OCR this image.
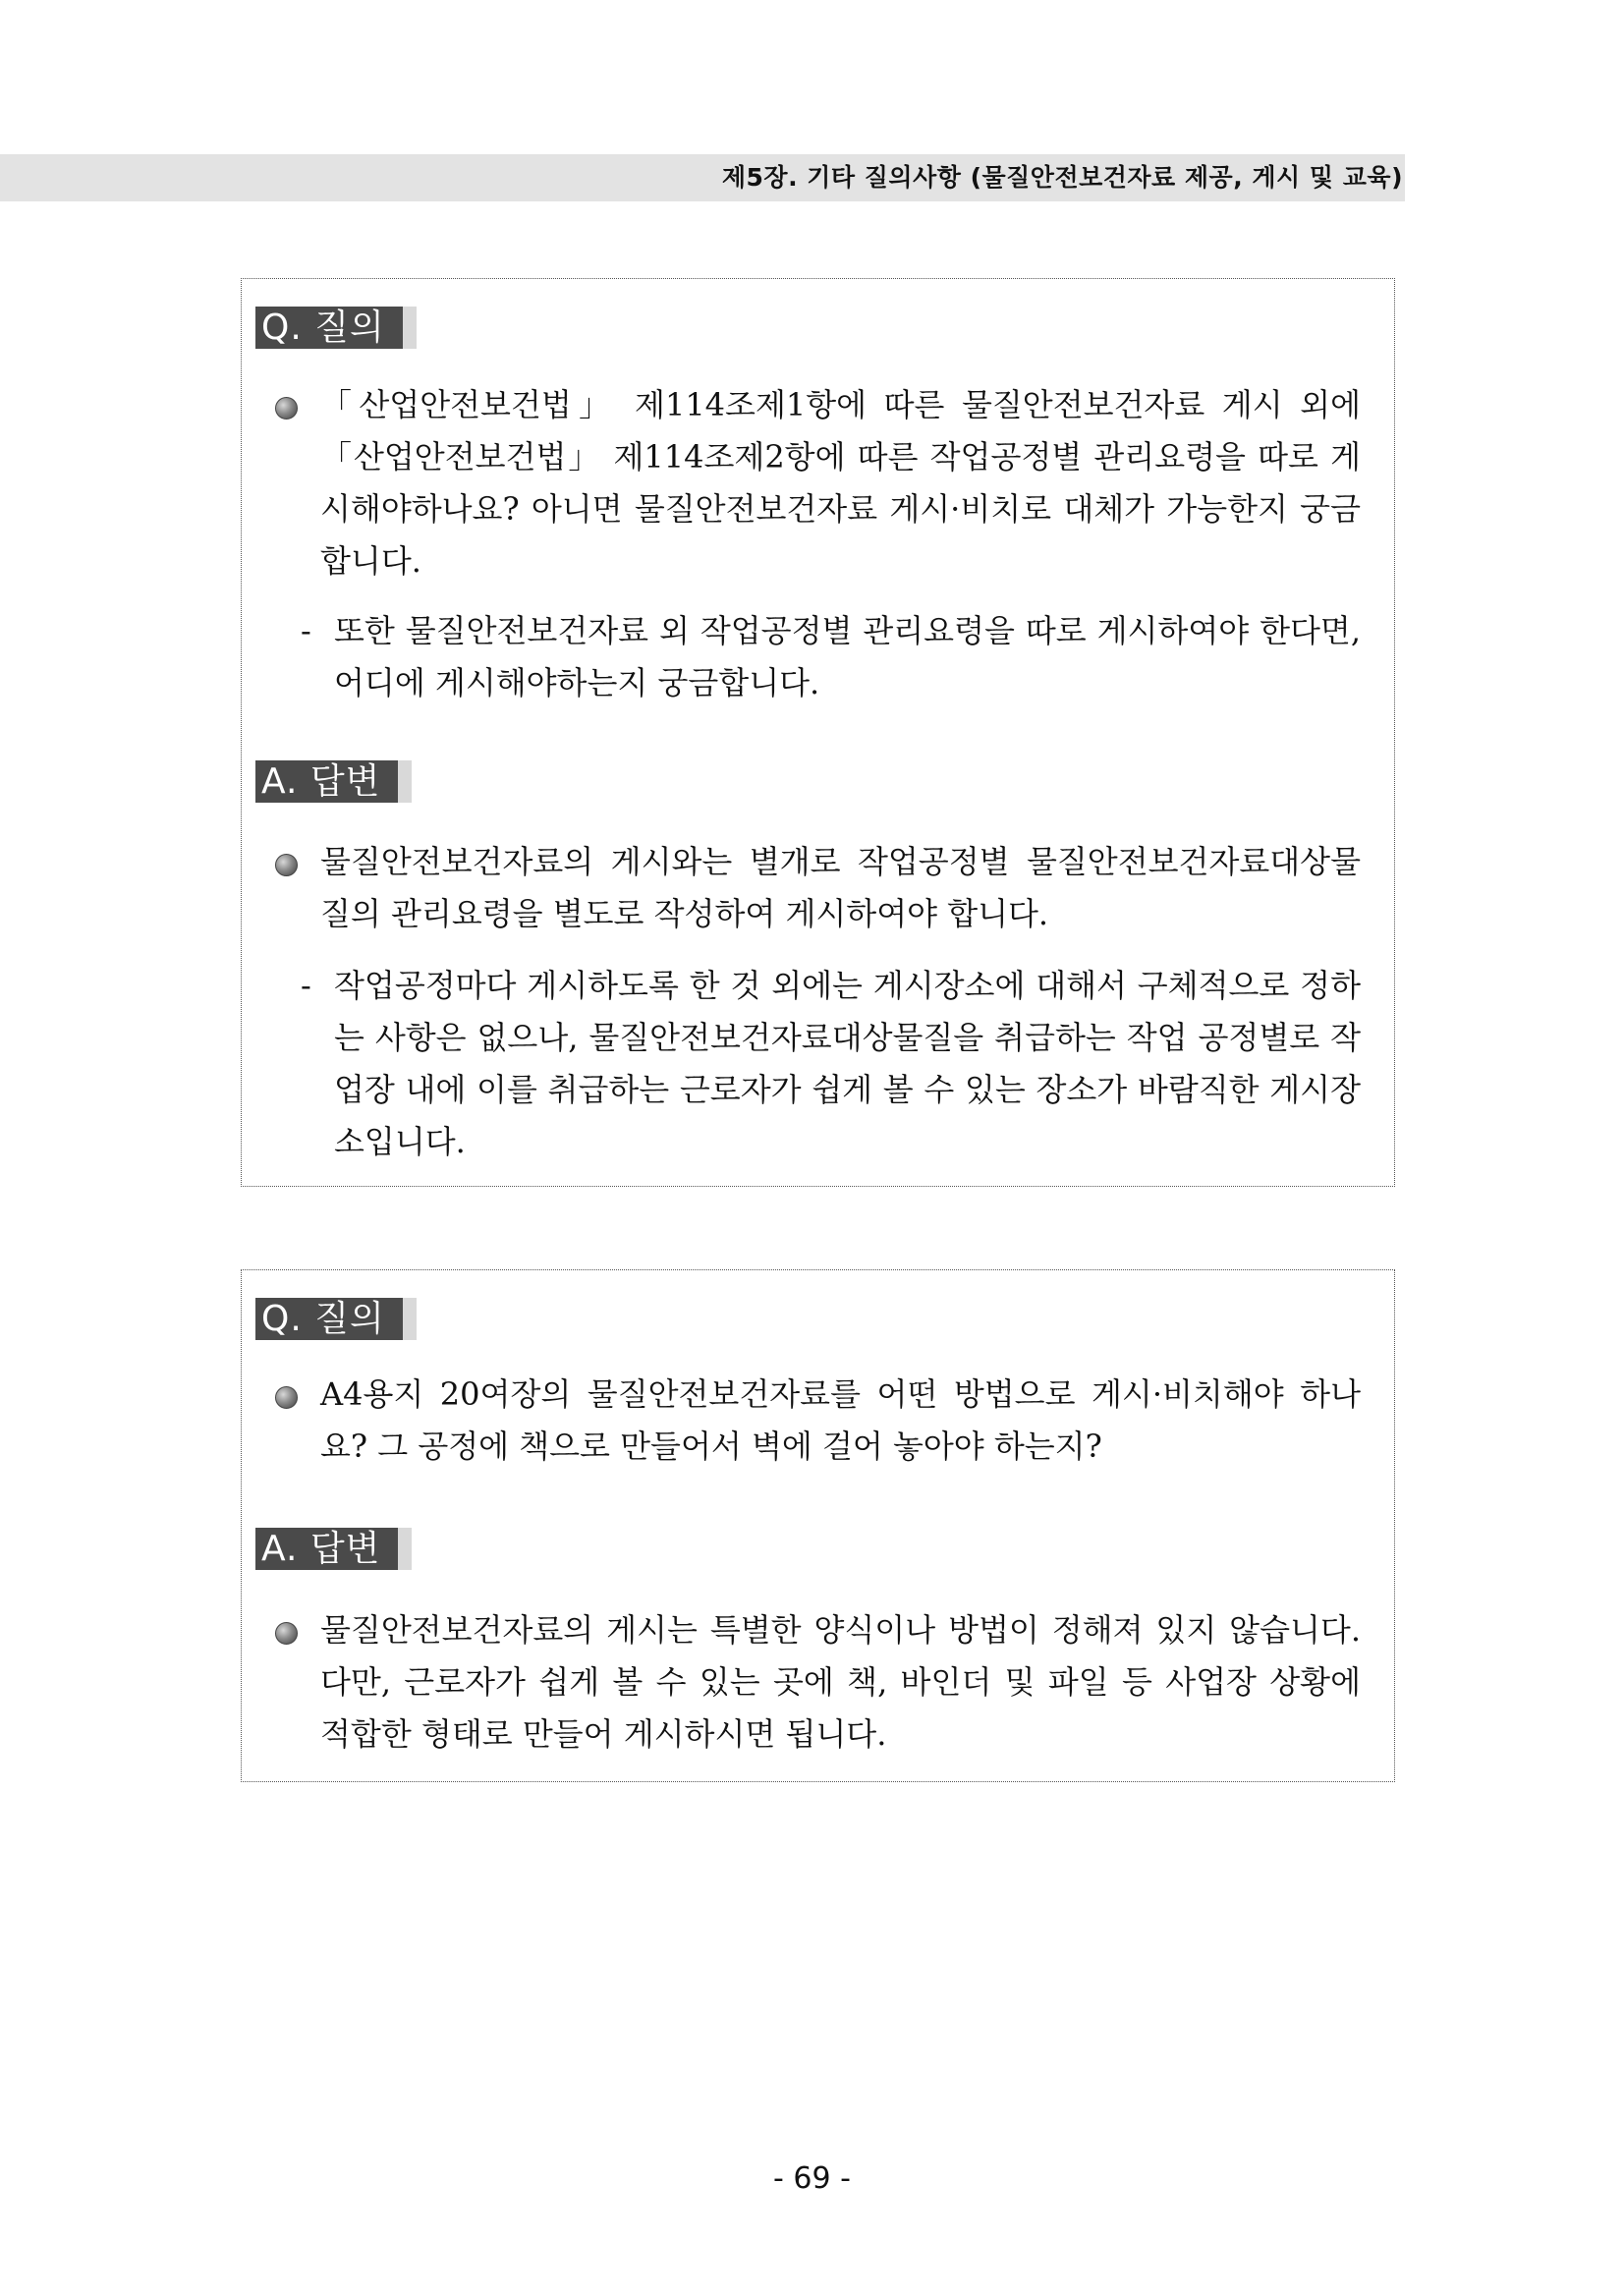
제5장. 기타 질의사항 (물질안전보건자료 제공, 게시 및 교육)
Q. 질의
「산업안전보건법」 제114조제1항에 따른 물질안전보건자료 게시 외에 「산업안전보건법」 제114조제2항에 따른 작업공정별 관리요령을 따로 게시해야하나요? 아니면 물질안전보건자료 게시·비치로 대체가 가능한지 궁금합니다.
- 또한 물질안전보건자료 외 작업공정별 관리요령을 따로 게시하여야 한다면, 어디에 게시해야하는지 궁금합니다.
A. 답변
물질안전보건자료의 게시와는 별개로 작업공정별 물질안전보건자료대상물질의 관리요령을 별도로 작성하여 게시하여야 합니다.
- 작업공정마다 게시하도록 한 것 외에는 게시장소에 대해서 구체적으로 정하는 사항은 없으나, 물질안전보건자료대상물질을 취급하는 작업 공정별로 작업장 내에 이를 취급하는 근로자가 쉽게 볼 수 있는 장소가 바람직한 게시장소입니다.
Q. 질의
A4용지 20여장의 물질안전보건자료를 어떤 방법으로 게시·비치해야 하나요? 그 공정에 책으로 만들어서 벽에 걸어 놓아야 하는지?
A. 답변
물질안전보건자료의 게시는 특별한 양식이나 방법이 정해져 있지 않습니다. 다만, 근로자가 쉽게 볼 수 있는 곳에 책, 바인더 및 파일 등 사업장 상황에 적합한 형태로 만들어 게시하시면 됩니다.
- 69 -
